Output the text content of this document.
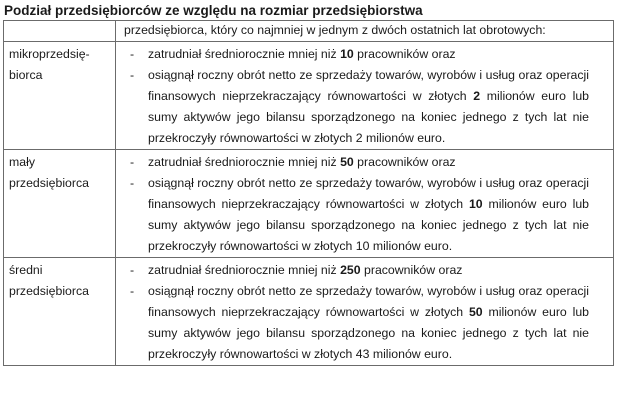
Podział przedsiębiorców ze względu na rozmiar przedsiębiorstwa

	przedsiębiorca, który co najmniej w jednym z dwóch ostatnich lat obrotowych:

mikroprzedsię-biorca	- zatrudniał średniorocznie mniej niż 10 pracowników oraz
- osiągnął roczny obrót netto ze sprzedaży towarów, wyrobów i usług oraz operacji finansowych nieprzekraczający równowartości w złotych 2 milionów euro lub sumy aktywów jego bilansu sporządzonego na koniec jednego z tych lat nie przekroczyły równowartości w złotych 2 milionów euro.

mały przedsiębiorca	- zatrudniał średniorocznie mniej niż 50 pracowników oraz
- osiągnął roczny obrót netto ze sprzedaży towarów, wyrobów i usług oraz operacji finansowych nieprzekraczający równowartości w złotych 10 milionów euro lub sumy aktywów jego bilansu sporządzonego na koniec jednego z tych lat nie przekroczyły równowartości w złotych 10 milionów euro.

średni przedsiębiorca	- zatrudniał średniorocznie mniej niż 250 pracowników oraz
- osiągnął roczny obrót netto ze sprzedaży towarów, wyrobów i usług oraz operacji finansowych nieprzekraczający równowartości w złotych 50 milionów euro lub sumy aktywów jego bilansu sporządzonego na koniec jednego z tych lat nie przekroczyły równowartości w złotych 43 milionów euro.
